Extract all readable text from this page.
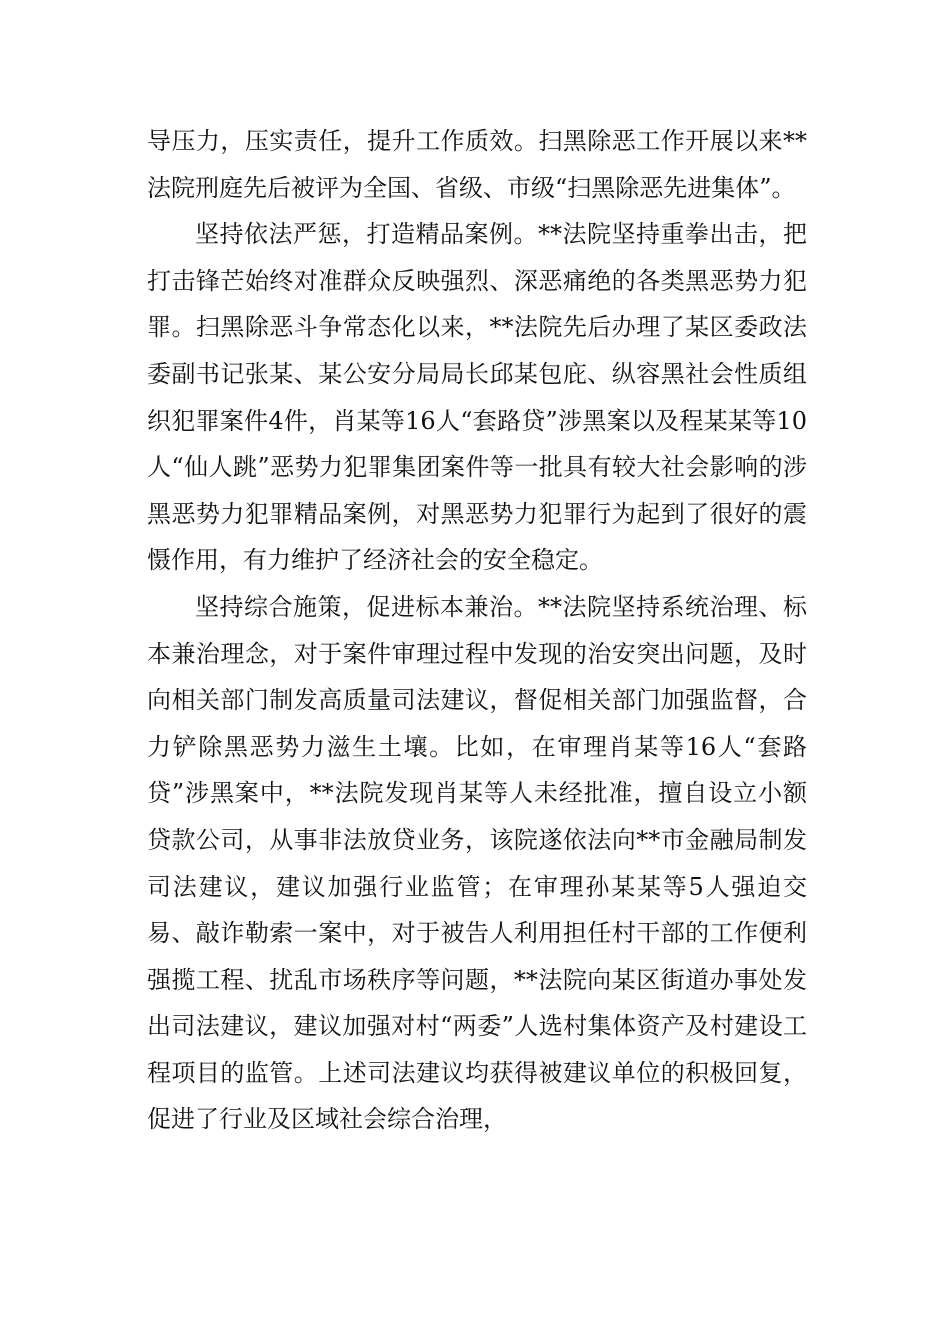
导压力，压实责任，提升工作质效。扫黑除恶工作开展以来**法院刑庭先后被评为全国、省级、市级“扫黑除恶先进集体”。

坚持依法严惩，打造精品案例。**法院坚持重拳出击，把打击锋芒始终对准群众反映强烈、深恶痛绝的各类黑恶势力犯罪。扫黑除恶斗争常态化以来，**法院先后办理了某区委政法委副书记张某、某公安分局局长邱某包庇、纵容黑社会性质组织犯罪案件4件，肖某等16人“套路贷”涉黑案以及程某某等10人“仙人跳”恶势力犯罪集团案件等一批具有较大社会影响的涉黑恶势力犯罪精品案例，对黑恶势力犯罪行为起到了很好的震慑作用，有力维护了经济社会的安全稳定。

坚持综合施策，促进标本兼治。**法院坚持系统治理、标本兼治理念，对于案件审理过程中发现的治安突出问题，及时向相关部门制发高质量司法建议，督促相关部门加强监督，合力铲除黑恶势力滋生土壤。比如，在审理肖某等16人“套路贷”涉黑案中，**法院发现肖某等人未经批准，擅自设立小额贷款公司，从事非法放贷业务，该院遂依法向**市金融局制发司法建议，建议加强行业监管；在审理孙某某等5人强迫交易、敲诈勒索一案中，对于被告人利用担任村干部的工作便利强揽工程、扰乱市场秩序等问题，**法院向某区街道办事处发出司法建议，建议加强对村“两委”人选村集体资产及村建设工程项目的监管。上述司法建议均获得被建议单位的积极回复，促进了行业及区域社会综合治理，
